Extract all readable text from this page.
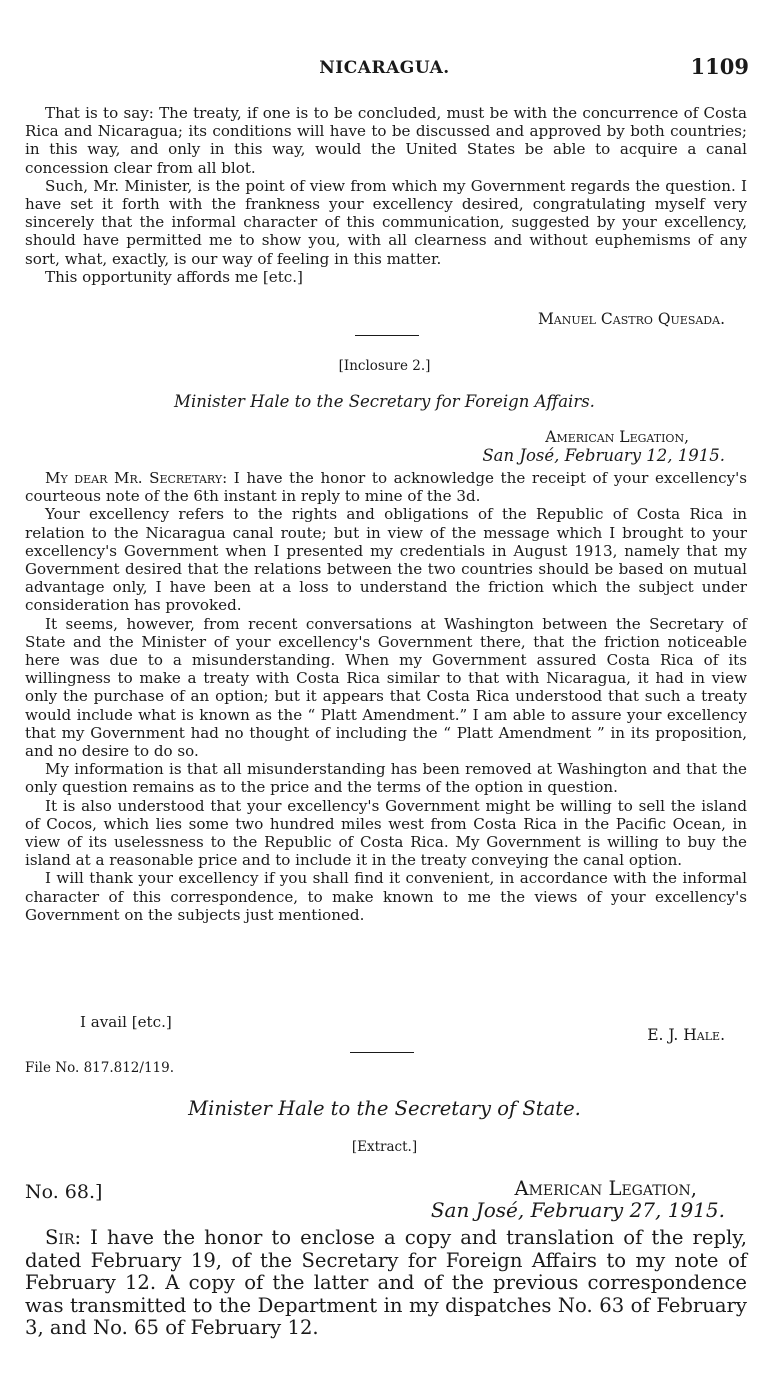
NICARAGUA.	1109

That is to say: The treaty, if one is to be concluded, must be with the concurrence of Costa Rica and Nicaragua; its conditions will have to be discussed and approved by both countries; in this way, and only in this way, would the United States be able to acquire a canal concession clear from all blot.

Such, Mr. Minister, is the point of view from which my Government regards the question. I have set it forth with the frankness your excellency desired, congratulating myself very sincerely that the informal character of this communication, suggested by your excellency, should have permitted me to show you, with all clearness and without euphemisms of any sort, what, exactly, is our way of feeling in this matter.

This opportunity affords me [etc.]

Manuel Castro Quesada.
[Inclosure 2.]
Minister Hale to the Secretary for Foreign Affairs.
American Legation,
San José, February 12, 1915.

My dear Mr. Secretary: I have the honor to acknowledge the receipt of your excellency's courteous note of the 6th instant in reply to mine of the 3d.

Your excellency refers to the rights and obligations of the Republic of Costa Rica in relation to the Nicaragua canal route; but in view of the message which I brought to your excellency's Government when I presented my credentials in August 1913, namely that my Government desired that the relations between the two countries should be based on mutual advantage only, I have been at a loss to understand the friction which the subject under consideration has provoked.

It seems, however, from recent conversations at Washington between the Secretary of State and the Minister of your excellency's Government there, that the friction noticeable here was due to a misunderstanding. When my Government assured Costa Rica of its willingness to make a treaty with Costa Rica similar to that with Nicaragua, it had in view only the purchase of an option; but it appears that Costa Rica understood that such a treaty would include what is known as the “ Platt Amendment.” I am able to assure your excellency that my Government had no thought of including the “ Platt Amendment ” in its proposition, and no desire to do so.

My information is that all misunderstanding has been removed at Washington and that the only question remains as to the price and the terms of the option in question.

It is also understood that your excellency's Government might be willing to sell the island of Cocos, which lies some two hundred miles west from Costa Rica in the Pacific Ocean, in view of its uselessness to the Republic of Costa Rica. My Government is willing to buy the island at a reasonable price and to include it in the treaty conveying the canal option.

I will thank your excellency if you shall find it convenient, in accordance with the informal character of this correspondence, to make known to me the views of your excellency's Government on the subjects just mentioned.

I avail [etc.]
E. J. Hale.
File No. 817.812/119.
Minister Hale to the Secretary of State.
[Extract.]
No. 68.]	American Legation,
San José, February 27, 1915.

Sir: I have the honor to enclose a copy and translation of the reply, dated February 19, of the Secretary for Foreign Affairs to my note of February 12. A copy of the latter and of the previous correspondence was transmitted to the Department in my dispatches No. 63 of February 3, and No. 65 of February 12.
